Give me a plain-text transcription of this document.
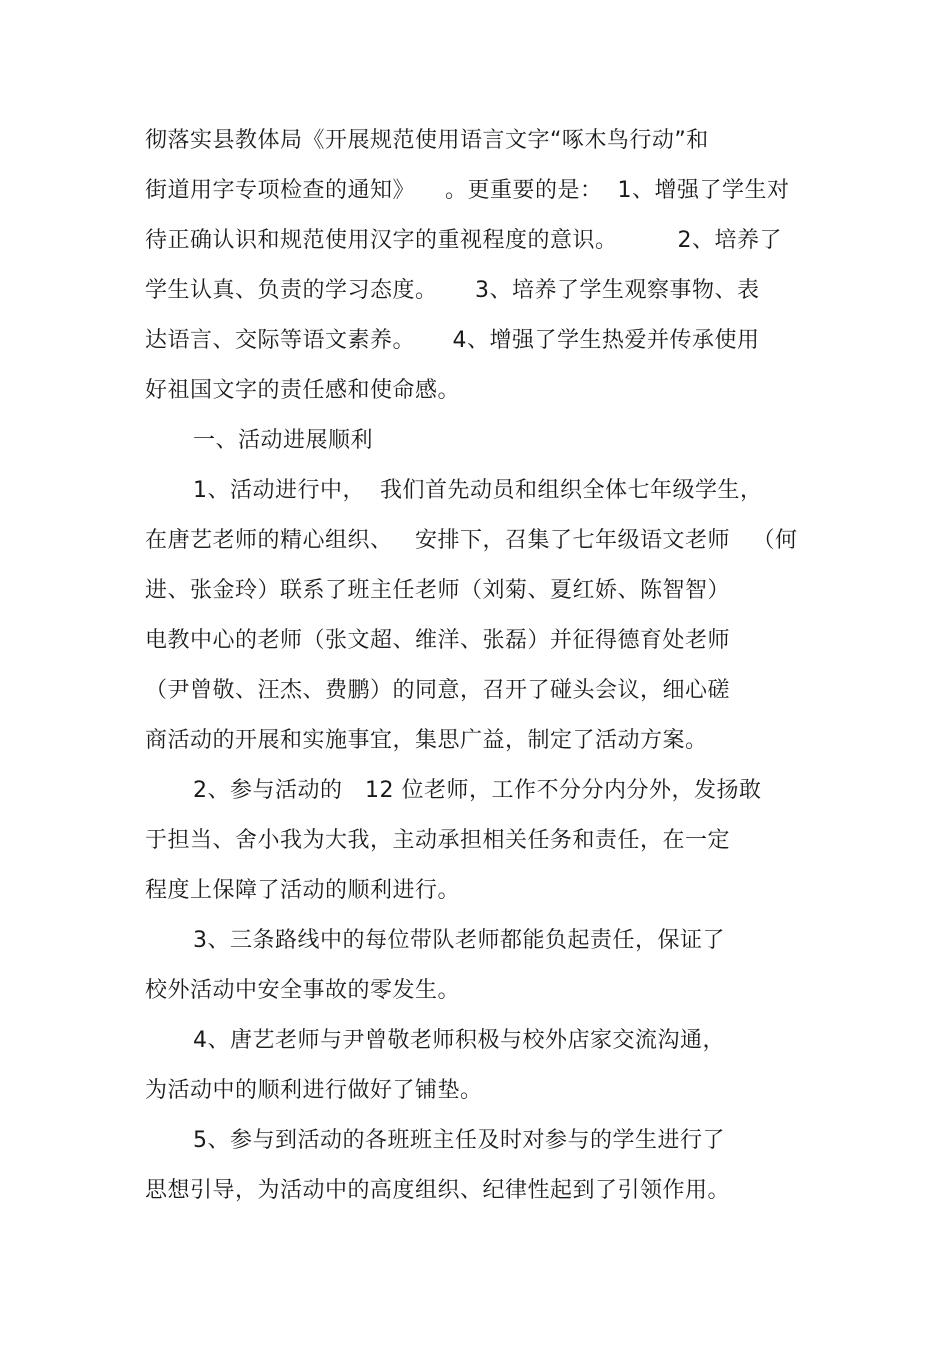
彻落实县教体局《开展规范使用语言文字“啄木鸟行动”和
街道用字专项检查的通知》    。更重要的是：  1、增强了学生对
待正确认识和规范使用汉字的重视程度的意识。        2、培养了
学生认真、负责的学习态度。     3、培养了学生观察事物、表
达语言、交际等语文素养。     4、增强了学生热爱并传承使用
好祖国文字的责任感和使命感。
一、活动进展顺利
1、活动进行中，  我们首先动员和组织全体七年级学生，
在唐艺老师的精心组织、   安排下，召集了七年级语文老师   （何
进、张金玲）联系了班主任老师（刘菊、夏红娇、陈智智）
电教中心的老师（张文超、维洋、张磊）并征得德育处老师
（尹曾敬、汪杰、费鹏）的同意，召开了碰头会议，细心磋
商活动的开展和实施事宜，集思广益，制定了活动方案。
2、参与活动的   12 位老师，工作不分分内分外，发扬敢
于担当、舍小我为大我，主动承担相关任务和责任，在一定
程度上保障了活动的顺利进行。
3、三条路线中的每位带队老师都能负起责任，保证了
校外活动中安全事故的零发生。
4、唐艺老师与尹曾敬老师积极与校外店家交流沟通，
为活动中的顺利进行做好了铺垫。
5、参与到活动的各班班主任及时对参与的学生进行了
思想引导，为活动中的高度组织、纪律性起到了引领作用。
